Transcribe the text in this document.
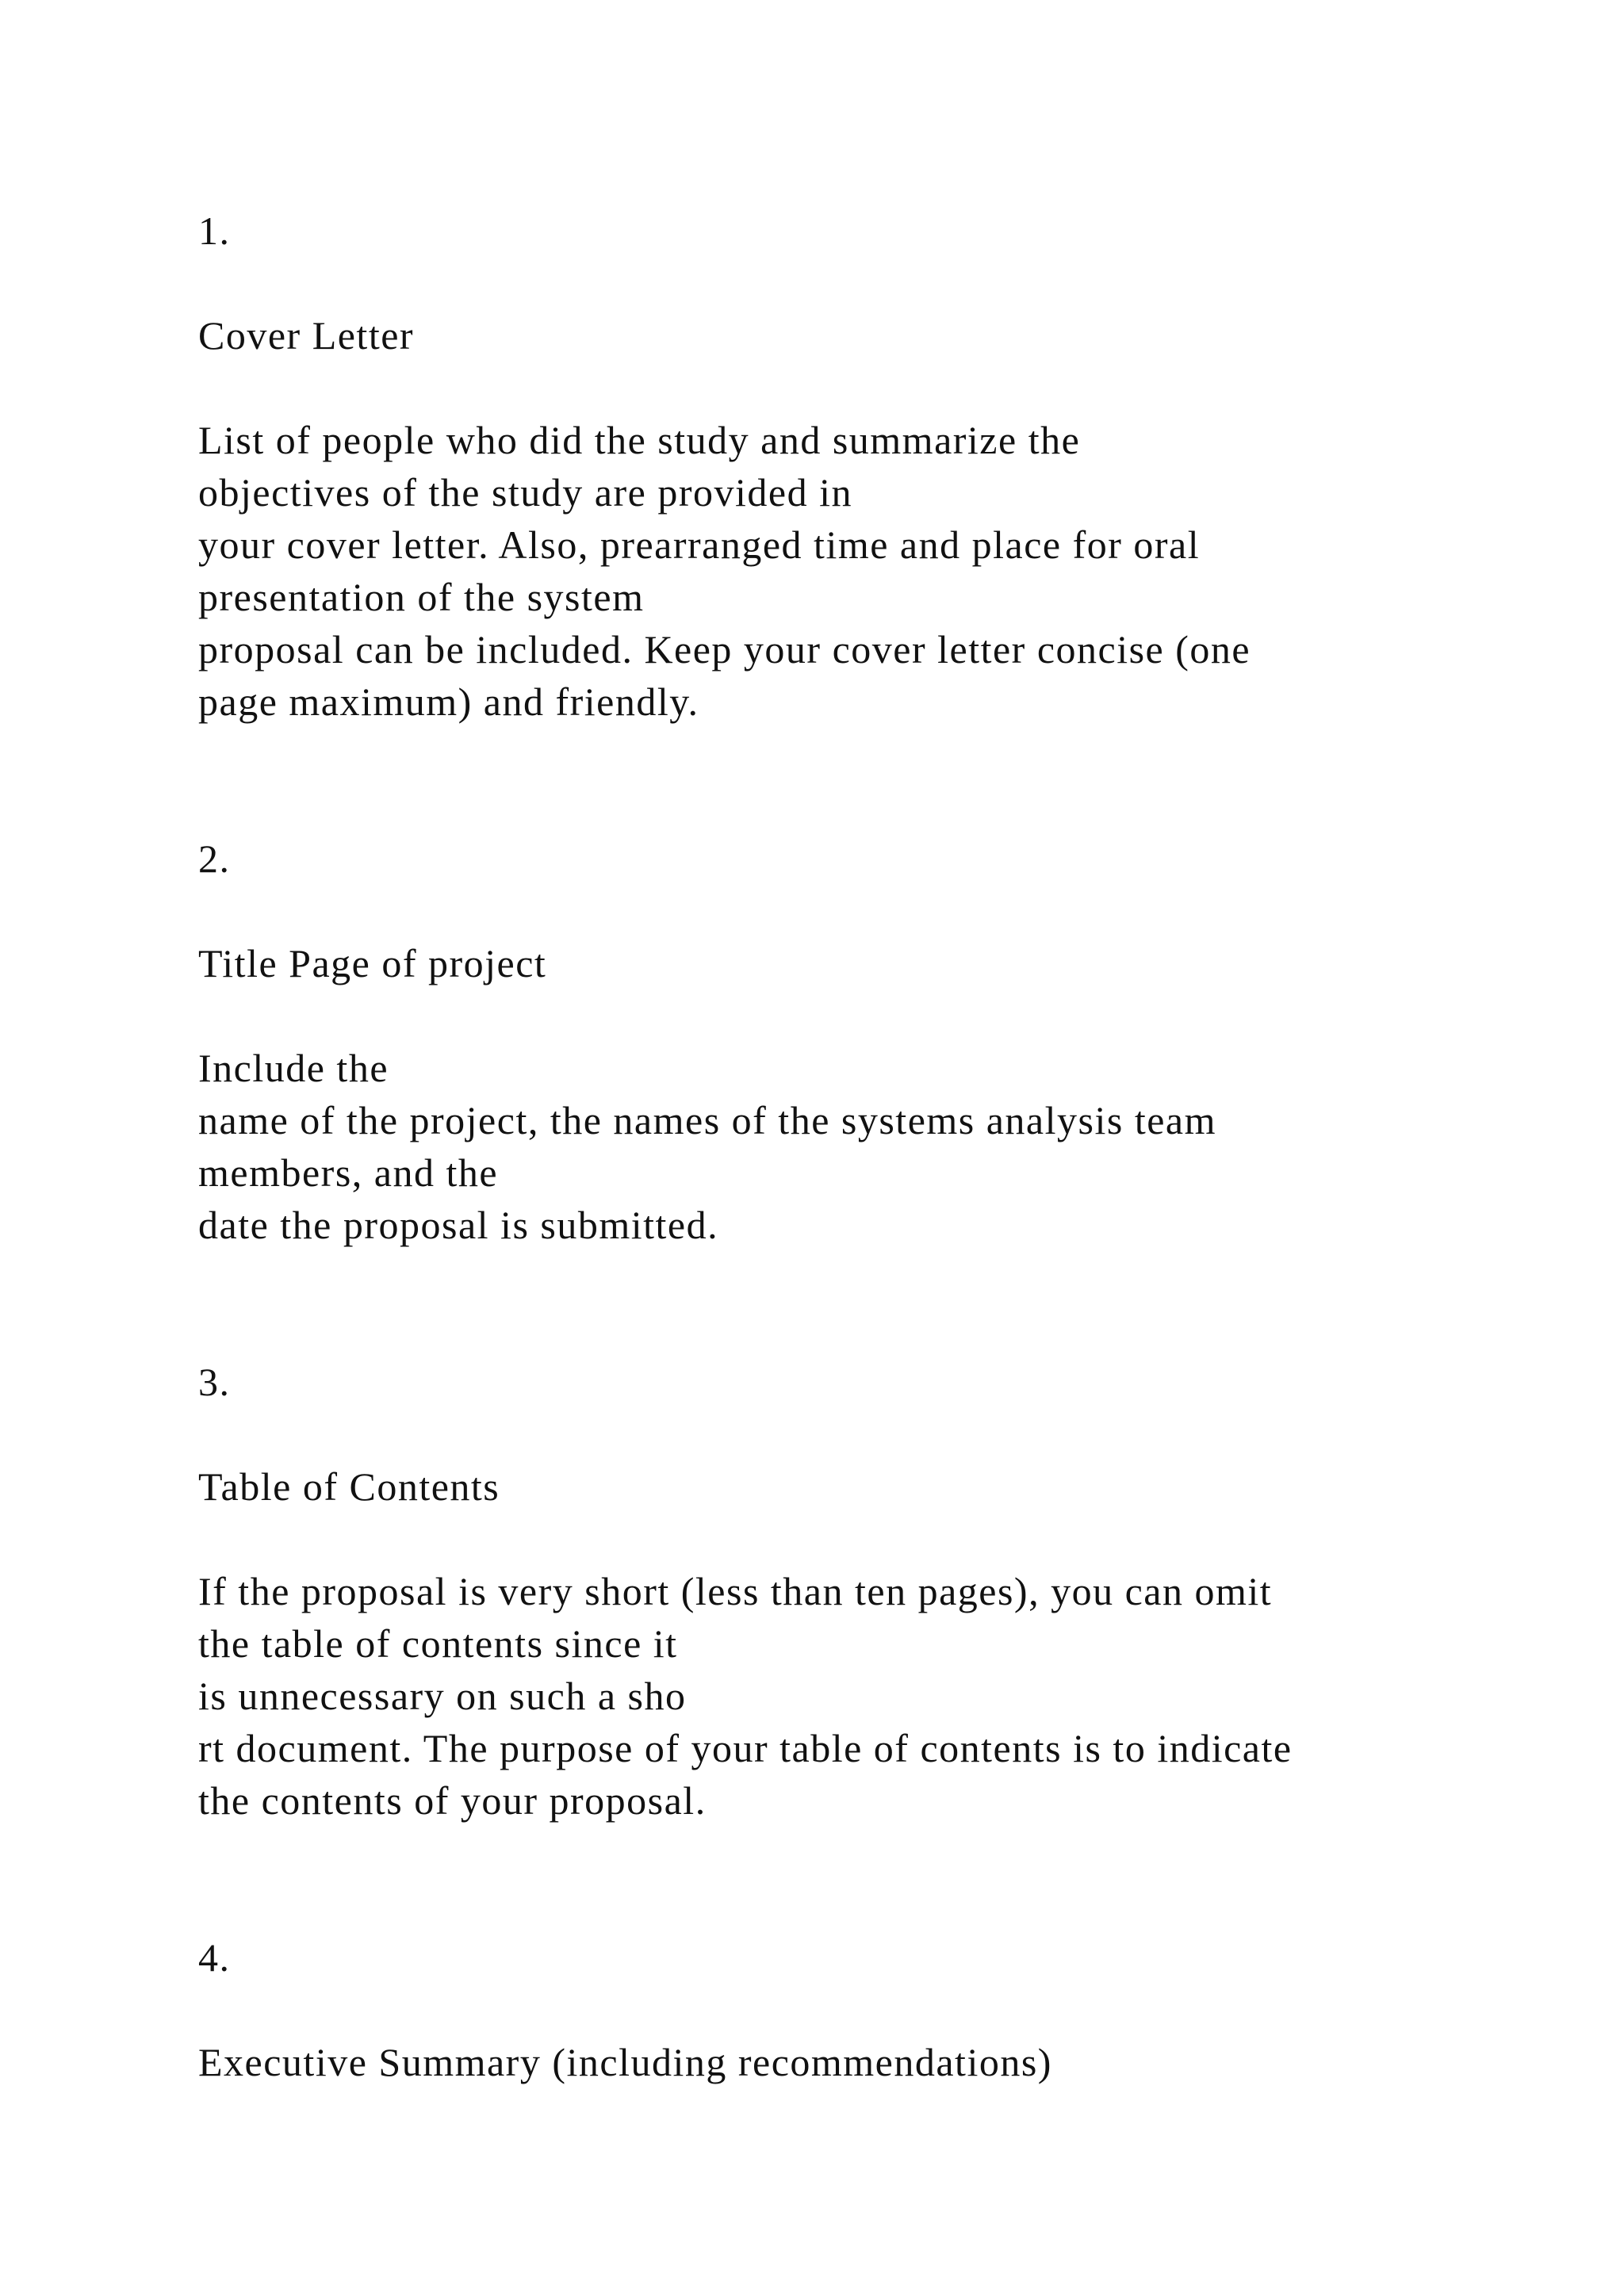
1.
Cover Letter
List of people who did the study and summarize the
objectives of the study are provided in
your cover letter. Also, prearranged time and place for oral
presentation of the system
proposal can be included. Keep your cover letter concise (one
page maximum) and friendly.
2.
Title Page of project
Include the
name of the project, the names of the systems analysis team
members, and the
date the proposal is submitted.
3.
Table of Contents
If the proposal is very short (less than ten pages), you can omit
the table of contents since it
is unnecessary on such a sho
rt document. The purpose of your table of contents is to indicate
the contents of your proposal.
4.
Executive Summary (including recommendations)
